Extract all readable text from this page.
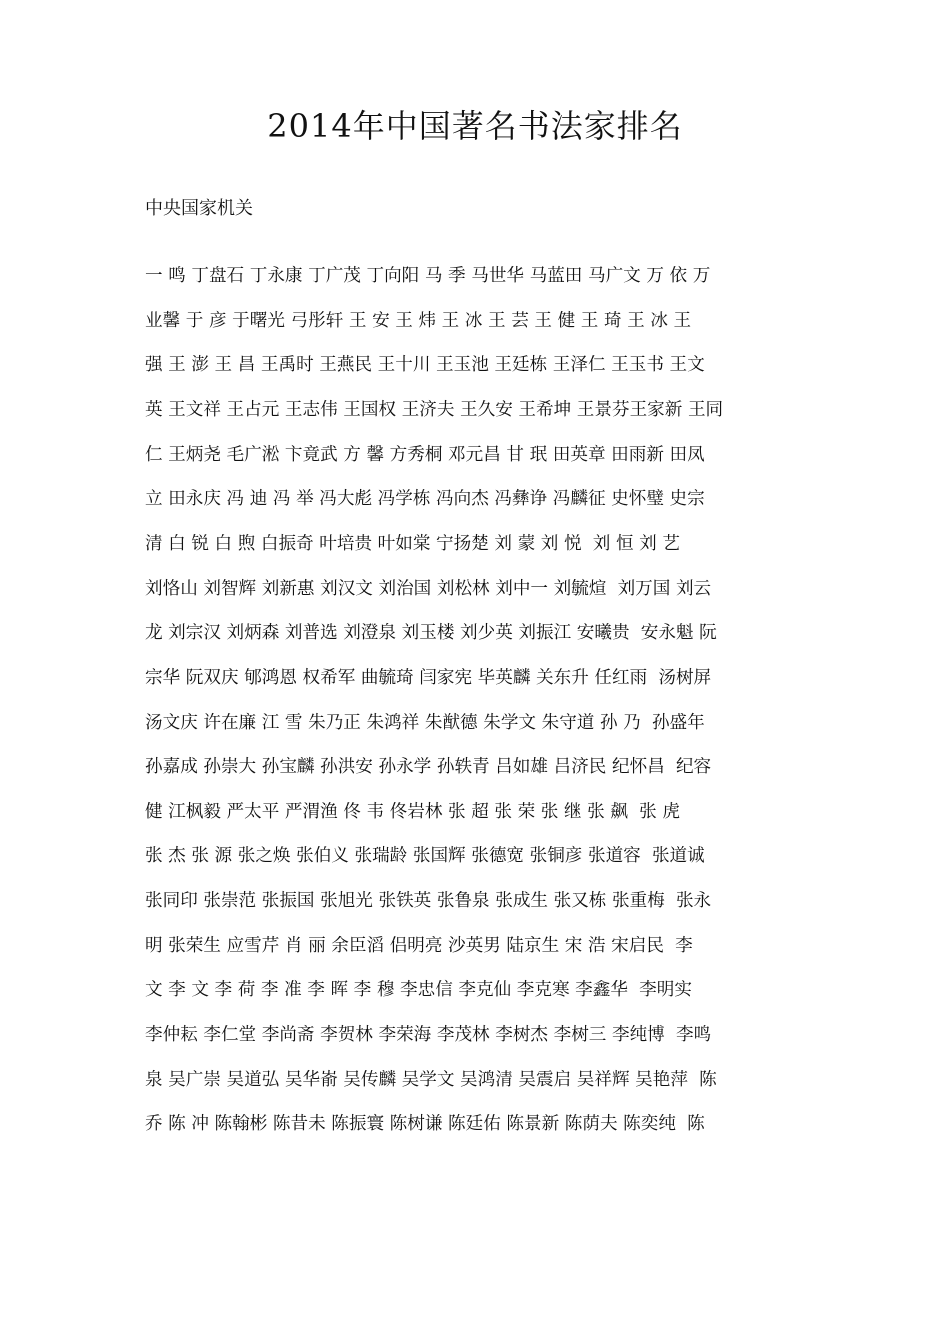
2014年中国著名书法家排名

中央国家机关

一 鸣 丁盘石 丁永康 丁广茂 丁向阳 马 季 马世华 马蓝田 马广文 万 依 万
业馨 于 彦 于曙光 弓彤轩 王 安 王 炜 王 冰 王 芸 王 健 王 琦 王 冰 王
强 王 澎 王 昌 王禹时 王燕民 王十川 王玉池 王廷栋 王泽仁 王玉书 王文
英 王文祥 王占元 王志伟 王国权 王济夫 王久安 王希坤 王景芬王家新 王同
仁 王炳尧 毛广淞 卞竟武 方 馨 方秀桐 邓元昌 甘 珉 田英章 田雨新 田凤
立 田永庆 冯 迪 冯 举 冯大彪 冯学栋 冯向杰 冯彝诤 冯麟征 史怀璧 史宗
清 白 锐 白 煦 白振奇 叶培贵 叶如棠 宁扬楚 刘 蒙 刘 悦  刘 恒 刘 艺
刘恪山 刘智辉 刘新惠 刘汉文 刘治国 刘松林 刘中一 刘毓煊  刘万国 刘云
龙 刘宗汉 刘炳森 刘普选 刘澄泉 刘玉楼 刘少英 刘振江 安曦贵  安永魁 阮
宗华 阮双庆 郇鸿恩 权希军 曲毓琦 闫家宪 毕英麟 关东升 任红雨  汤树屏
汤文庆 许在廉 江 雪 朱乃正 朱鸿祥 朱猷德 朱学文 朱守道 孙 乃  孙盛年
孙嘉成 孙崇大 孙宝麟 孙洪安 孙永学 孙轶青 吕如雄 吕济民 纪怀昌  纪容
健 江枫毅 严太平 严渭渔 佟 韦 佟岩林 张 超 张 荣 张 继 张 飙  张 虎
张 杰 张 源 张之焕 张伯义 张瑞龄 张国辉 张德宽 张铜彦 张道容  张道诚
张同印 张崇范 张振国 张旭光 张铁英 张鲁泉 张成生 张又栋 张重梅  张永
明 张荣生 应雪芹 肖 丽 余臣滔 侣明亮 沙英男 陆京生 宋 浩 宋启民  李
文 李 文 李 荷 李 准 李 晖 李 穆 李忠信 李克仙 李克寒 李鑫华  李明实
李仲耘 李仁堂 李尚斋 李贺林 李荣海 李茂林 李树杰 李树三 李纯博  李鸣
泉 吴广崇 吴道弘 吴华嵛 吴传麟 吴学文 吴鸿清 吴震启 吴祥辉 吴艳萍  陈
乔 陈 冲 陈翰彬 陈昔未 陈振寰 陈树谦 陈廷佑 陈景新 陈荫夫 陈奕纯  陈
